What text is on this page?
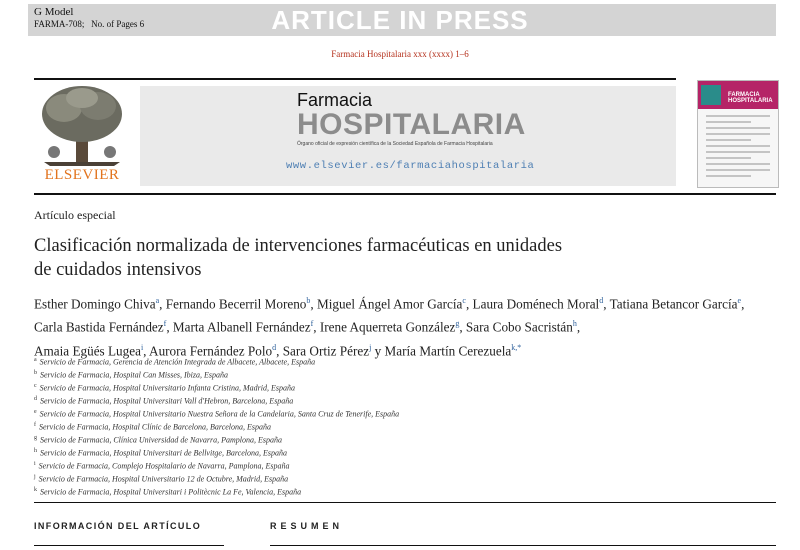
G Model
FARMA-708; No. of Pages 6	ARTICLE IN PRESS
Farmacia Hospitalaria xxx (xxxx) 1–6
ELSEVIER
Farmacia
HOSPITALARIA
Órgano oficial de expresión científica de la Sociedad Española de Farmacia Hospitalaria
www.elsevier.es/farmaciahospitalaria
FARMACIA HOSPITALARIA
Artículo especial
Clasificación normalizada de intervenciones farmacéuticas en unidades
de cuidados intensivos
Esther Domingo Chiva$^a$, Fernando Becerril Moreno$^b$, Miguel Ángel Amor García$^c$, Laura Doménech Moral$^d$, Tatiana Betancor García$^e$,
Carla Bastida Fernández$^f$, Marta Albanell Fernández$^f$, Irene Aquerreta González$^g$, Sara Cobo Sacristán$^h$,
Amaia Egüés Lugea$^i$, Aurora Fernández Polo$^d$, Sara Ortiz Pérez$^j$ y María Martín Cerezuela$^{k,*}$
$^a$ Servicio de Farmacia, Gerencia de Atención Integrada de Albacete, Albacete, España
$^b$ Servicio de Farmacia, Hospital Can Misses, Ibiza, España
$^c$ Servicio de Farmacia, Hospital Universitario Infanta Cristina, Madrid, España
$^d$ Servicio de Farmacia, Hospital Universitari Vall d'Hebron, Barcelona, España
$^e$ Servicio de Farmacia, Hospital Universitario Nuestra Señora de la Candelaria, Santa Cruz de Tenerife, España
$^f$ Servicio de Farmacia, Hospital Clínic de Barcelona, Barcelona, España
$^g$ Servicio de Farmacia, Clínica Universidad de Navarra, Pamplona, España
$^h$ Servicio de Farmacia, Hospital Universitari de Bellvitge, Barcelona, España
$^i$ Servicio de Farmacia, Complejo Hospitalario de Navarra, Pamplona, España
$^j$ Servicio de Farmacia, Hospital Universitario 12 de Octubre, Madrid, España
$^k$ Servicio de Farmacia, Hospital Universitari i Politècnic La Fe, Valencia, España
INFORMACIÓN DEL ARTÍCULO	RESUMEN
